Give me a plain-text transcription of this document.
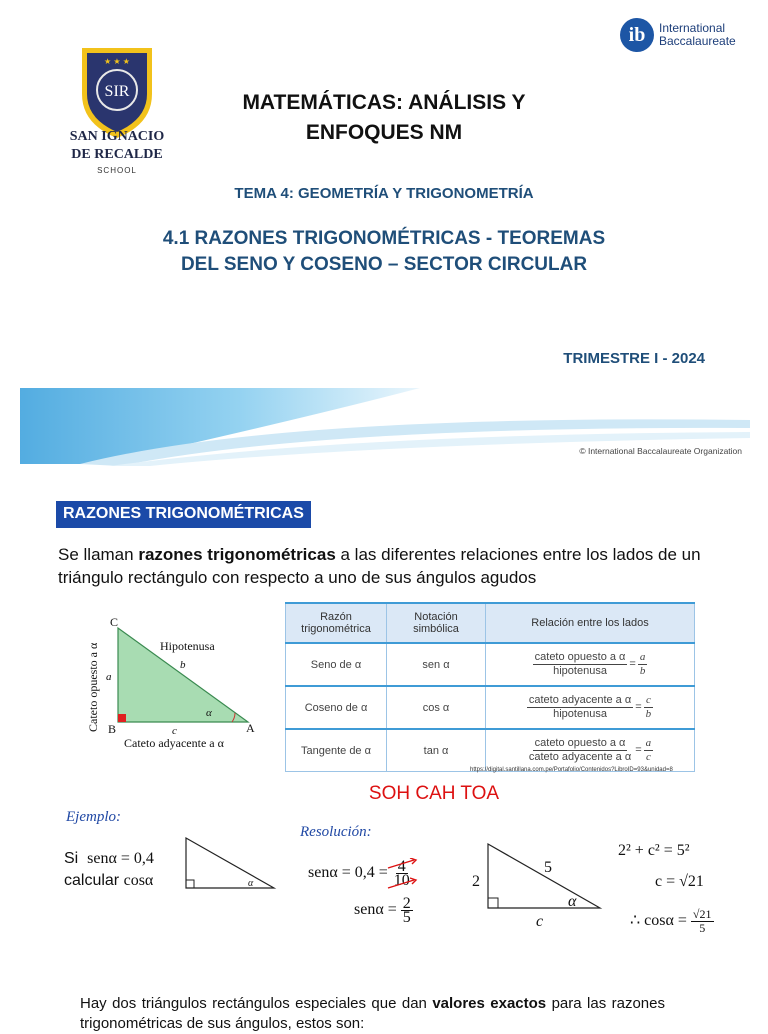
SIR
★ ★ ★
SAN IGNACIO
DE RECALDE
SCHOOL
ib	International
Baccalaureate
MATEMÁTICAS: ANÁLISIS Y
ENFOQUES NM
TEMA 4: GEOMETRÍA Y TRIGONOMETRÍA
4.1 RAZONES TRIGONOMÉTRICAS - TEOREMAS
DEL SENO Y COSENO – SECTOR CIRCULAR
TRIMESTRE I - 2024
© International Baccalaureate Organization
RAZONES TRIGONOMÉTRICAS
Se llaman razones trigonométricas a las diferentes relaciones entre los lados de un triángulo rectángulo con respecto a uno de sus ángulos agudos
C
B	A
Hipotenusa
b
a
c
α
Cateto adyacente a α
Cateto opuesto a α
Razón trigonométrica	Notación simbólica	Relación entre los lados
Seno de α	sen α	$\frac{\text{cateto opuesto a α}}{\text{hipotenusa}} = \frac{a}{b}$

Coseno de α	cos α	$\frac{\text{cateto adyacente a α}}{\text{hipotenusa}} = \frac{c}{b}$

Tangente de α	tan α	$\frac{\text{cateto opuesto a α}}{\text{cateto adyacente a α}} = \frac{a}{c}$
https://digital.santillana.com.pe/Portafolio/Contenidos?LibroID=93&unidad=8
SOH CAH TOA
Ejemplo:
Resolución:
Si senα = 0,4
calcular cosα	α
$sen\alpha = 0,4 = \frac{4}{10}$
$sen\alpha = \frac{2}{5}$
2
5
c
α
2² + c² = 5²
c = √21
∴ $\cos\alpha = \frac{√21}{5}$
Hay dos triángulos rectángulos especiales que dan valores exactos para las razones trigonométricas de sus ángulos, estos son:
